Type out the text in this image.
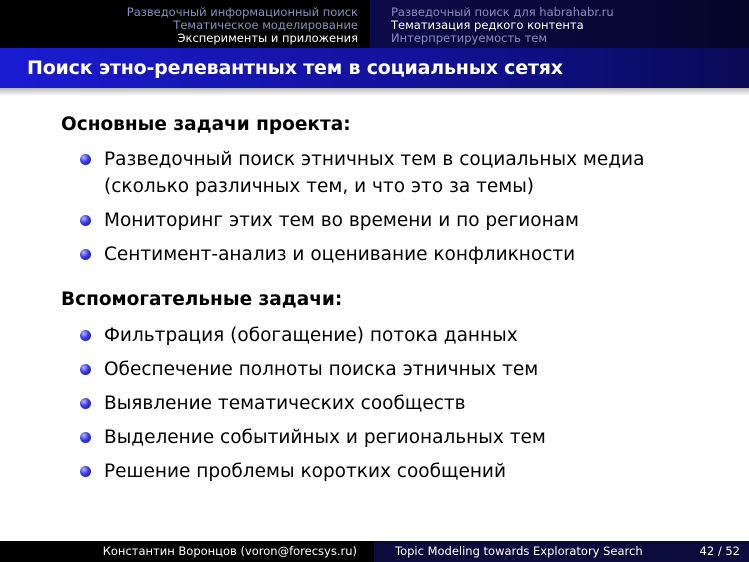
Разведочный информационный поиск
Тематическое моделирование
Эксперименты и приложения
Разведочный поиск для habrahabr.ru
Тематизация редкого контента
Интерпретируемость тем
Поиск этно-релевантных тем в социальных сетях
Основные задачи проекта:
Разведочный поиск этничных тем в социальных медиа (сколько различных тем, и что это за темы)
Мониторинг этих тем во времени и по регионам
Сентимент-анализ и оценивание конфликности
Вспомогательные задачи:
Фильтрация (обогащение) потока данных
Обеспечение полноты поиска этничных тем
Выявление тематических сообществ
Выделение событийных и региональных тем
Решение проблемы коротких сообщений
Константин Воронцов (voron@forecsys.ru)	Topic Modeling towards Exploratory Search	42 / 52
